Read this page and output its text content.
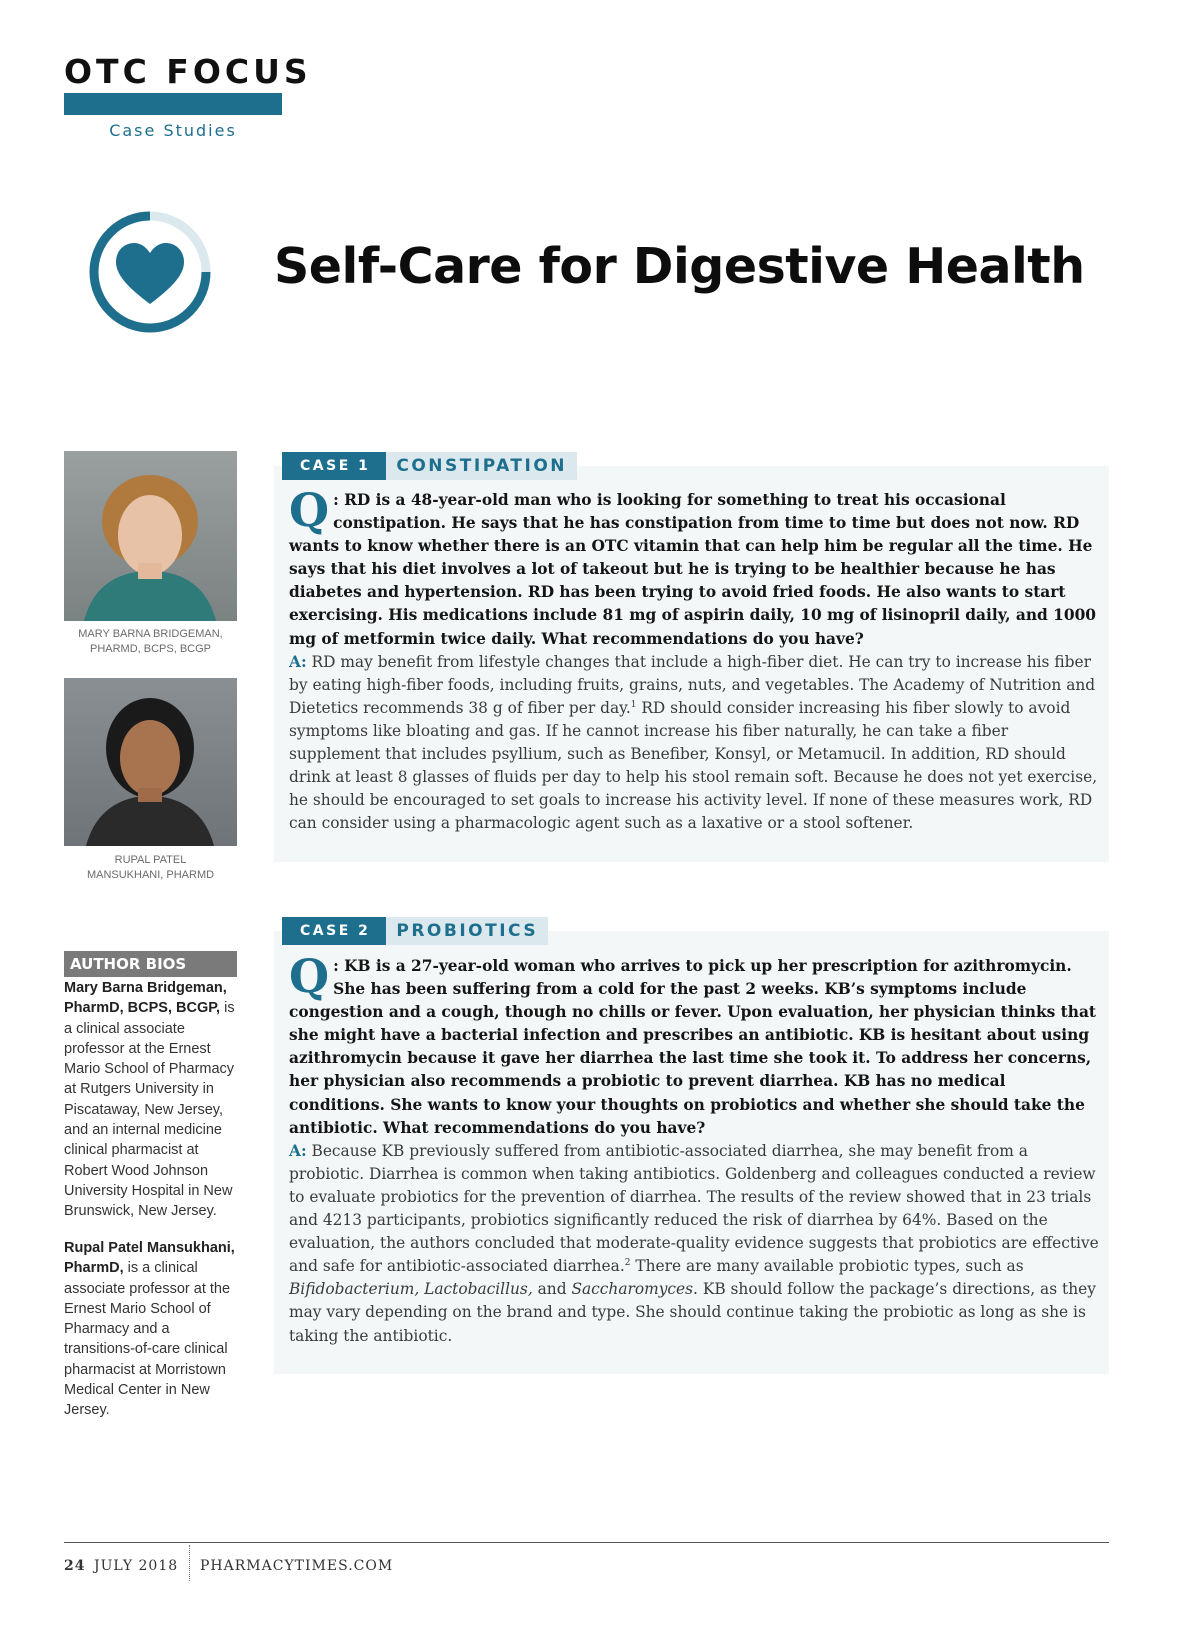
OTC FOCUS
Case Studies
Self-Care for Digestive Health
MARY BARNA BRIDGEMAN,
PHARMD, BCPS, BCGP
RUPAL PATEL
MANSUKHANI, PHARMD
AUTHOR BIOS
Mary Barna Bridgeman, PharmD, BCPS, BCGP, is a clinical associate professor at the Ernest Mario School of Pharmacy at Rutgers University in Piscataway, New Jersey, and an internal medicine clinical pharmacist at Robert Wood Johnson University Hospital in New Brunswick, New Jersey.
Rupal Patel Mansukhani, PharmD, is a clinical associate professor at the Ernest Mario School of Pharmacy and a transitions-of-care clinical pharmacist at Morristown Medical Center in New Jersey.
CASE 1 CONSTIPATION
Q : RD is a 48-year-old man who is looking for something to treat his occasional constipation. He says that he has constipation from time to time but does not now. RD wants to know whether there is an OTC vitamin that can help him be regular all the time. He says that his diet involves a lot of takeout but he is trying to be healthier because he has diabetes and hypertension. RD has been trying to avoid fried foods. He also wants to start exercising. His medications include 81 mg of aspirin daily, 10 mg of lisinopril daily, and 1000 mg of metformin twice daily. What recommendations do you have?
A: RD may benefit from lifestyle changes that include a high-fiber diet. He can try to increase his fiber by eating high-fiber foods, including fruits, grains, nuts, and vegetables. The Academy of Nutrition and Dietetics recommends 38 g of fiber per day.$^1$ RD should consider increasing his fiber slowly to avoid symptoms like bloating and gas. If he cannot increase his fiber naturally, he can take a fiber supplement that includes psyllium, such as Benefiber, Konsyl, or Metamucil. In addition, RD should drink at least 8 glasses of fluids per day to help his stool remain soft. Because he does not yet exercise, he should be encouraged to set goals to increase his activity level. If none of these measures work, RD can consider using a pharmacologic agent such as a laxative or a stool softener.
CASE 2 PROBIOTICS
Q : KB is a 27-year-old woman who arrives to pick up her prescription for azithromycin. She has been suffering from a cold for the past 2 weeks. KB’s symptoms include congestion and a cough, though no chills or fever. Upon evaluation, her physician thinks that she might have a bacterial infection and prescribes an antibiotic. KB is hesitant about using azithromycin because it gave her diarrhea the last time she took it. To address her concerns, her physician also recommends a probiotic to prevent diarrhea. KB has no medical conditions. She wants to know your thoughts on probiotics and whether she should take the antibiotic. What recommendations do you have?
A: Because KB previously suffered from antibiotic-associated diarrhea, she may benefit from a probiotic. Diarrhea is common when taking antibiotics. Goldenberg and colleagues conducted a review to evaluate probiotics for the prevention of diarrhea. The results of the review showed that in 23 trials and 4213 participants, probiotics significantly reduced the risk of diarrhea by 64%. Based on the evaluation, the authors concluded that moderate-quality evidence suggests that probiotics are effective and safe for antibiotic-associated diarrhea.$^2$ There are many available probiotic types, such as Bifidobacterium, Lactobacillus, and Saccharomyces. KB should follow the package’s directions, as they may vary depending on the brand and type. She should continue taking the probiotic as long as she is taking the antibiotic.
24 JULY 2018 PHARMACYTIMES.COM
